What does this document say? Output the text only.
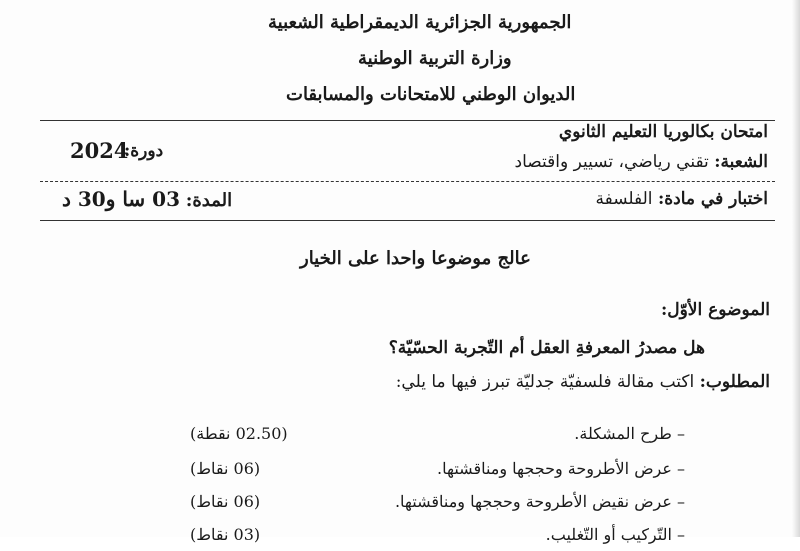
الجمهورية الجزائرية الديمقراطية الشعبية
وزارة التربية الوطنية
الديوان الوطني للامتحانات والمسابقات
امتحان بكالوريا التعليم الثانوي
دورة:
2024	الشعبة: تقني رياضي، تسيير واقتصاد
اختبار في مادة: الفلسفة
المدة: 03 سا و30 د
عالج موضوعا واحدا على الخيار
الموضوع الأوّل:
هل مصدرُ المعرفةِ العقل أم التّجربة الحسّيّة؟
المطلوب: اكتب مقالة فلسفيّة جدليّة تبرز فيها ما يلي:
– طرح المشكلة.
(02.50 نقطة)
– عرض الأطروحة وحججها ومناقشتها.
(06 نقاط)
– عرض نقيض الأطروحة وحججها ومناقشتها.
(06 نقاط)
– التّركيب أو التّغليب.
(03 نقاط)
